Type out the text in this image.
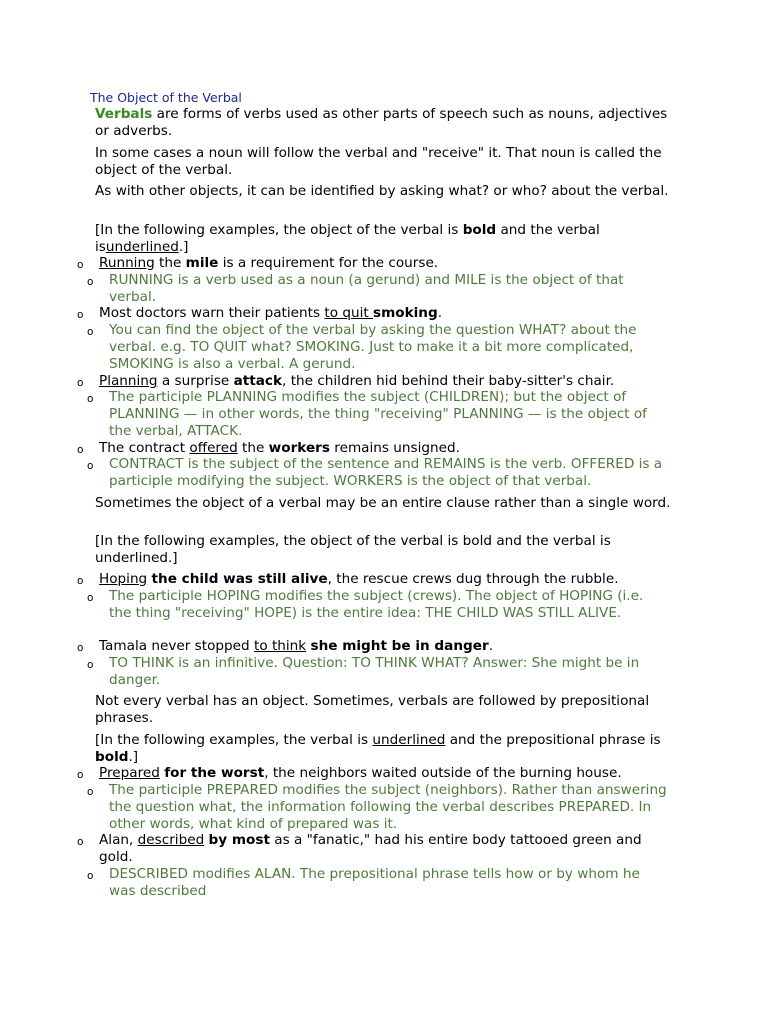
The Object of the Verbal
Verbals are forms of verbs used as other parts of speech such as nouns, adjectives or adverbs.
In some cases a noun will follow the verbal and "receive" it. That noun is called the object of the verbal.
As with other objects, it can be identified by asking what? or who? about the verbal.
[In the following examples, the object of the verbal is bold and the verbal isunderlined.]
o Running the mile is a requirement for the course.
o RUNNING is a verb used as a noun (a gerund) and MILE is the object of that verbal.
o Most doctors warn their patients to quit smoking.
o You can find the object of the verbal by asking the question WHAT? about the verbal. e.g. TO QUIT what? SMOKING. Just to make it a bit more complicated, SMOKING is also a verbal. A gerund.
o Planning a surprise attack, the children hid behind their baby-sitter's chair.
o The participle PLANNING modifies the subject (CHILDREN); but the object of PLANNING — in other words, the thing "receiving" PLANNING — is the object of the verbal, ATTACK.
o The contract offered the workers remains unsigned.
o CONTRACT is the subject of the sentence and REMAINS is the verb. OFFERED is a participle modifying the subject. WORKERS is the object of that verbal.
Sometimes the object of a verbal may be an entire clause rather than a single word.
[In the following examples, the object of the verbal is bold and the verbal is underlined.]
o Hoping the child was still alive, the rescue crews dug through the rubble.
o The participle HOPING modifies the subject (crews). The object of HOPING (i.e. the thing "receiving" HOPE) is the entire idea: THE CHILD WAS STILL ALIVE.
o Tamala never stopped to think she might be in danger.
o TO THINK is an infinitive. Question: TO THINK WHAT? Answer: She might be in danger.
Not every verbal has an object. Sometimes, verbals are followed by prepositional phrases.
[In the following examples, the verbal is underlined and the prepositional phrase is bold.]
o Prepared for the worst, the neighbors waited outside of the burning house.
o The participle PREPARED modifies the subject (neighbors). Rather than answering the question what, the information following the verbal describes PREPARED. In other words, what kind of prepared was it.
o Alan, described by most as a "fanatic," had his entire body tattooed green and gold.
o DESCRIBED modifies ALAN. The prepositional phrase tells how or by whom he was described
